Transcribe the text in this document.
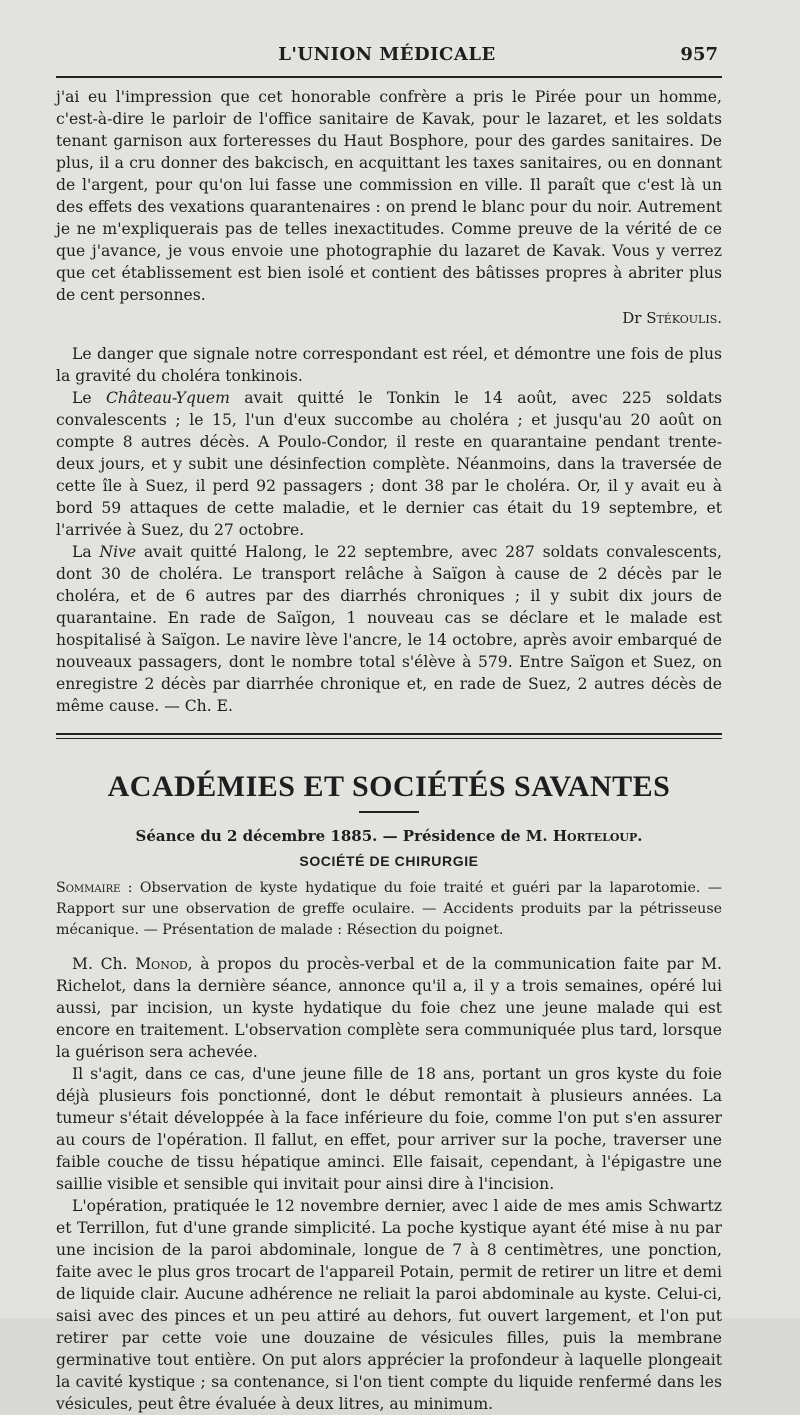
L'UNION MÉDICALE	957

j'ai eu l'impression que cet honorable confrère a pris le Pirée pour un homme, c'est-à-dire le parloir de l'office sanitaire de Kavak, pour le lazaret, et les soldats tenant garnison aux forteresses du Haut Bosphore, pour des gardes sanitaires. De plus, il a cru donner des bakcisch, en acquittant les taxes sanitaires, ou en donnant de l'argent, pour qu'on lui fasse une commission en ville. Il paraît que c'est là un des effets des vexations quarantenaires : on prend le blanc pour du noir. Autrement je ne m'expliquerais pas de telles inexactitudes. Comme preuve de la vérité de ce que j'avance, je vous envoie une photographie du lazaret de Kavak. Vous y verrez que cet établissement est bien isolé et contient des bâtisses propres à abriter plus de cent personnes.

Dr Stékoulis.

Le danger que signale notre correspondant est réel, et démontre une fois de plus la gravité du choléra tonkinois.

Le Château-Yquem avait quitté le Tonkin le 14 août, avec 225 soldats convalescents ; le 15, l'un d'eux succombe au choléra ; et jusqu'au 20 août on compte 8 autres décès. A Poulo-Condor, il reste en quarantaine pendant trente-deux jours, et y subit une désinfection complète. Néanmoins, dans la traversée de cette île à Suez, il perd 92 passagers ; dont 38 par le choléra. Or, il y avait eu à bord 59 attaques de cette maladie, et le dernier cas était du 19 septembre, et l'arrivée à Suez, du 27 octobre.

La Nive avait quitté Halong, le 22 septembre, avec 287 soldats convalescents, dont 30 de choléra. Le transport relâche à Saïgon à cause de 2 décès par le choléra, et de 6 autres par des diarrhés chroniques ; il y subit dix jours de quarantaine. En rade de Saïgon, 1 nouveau cas se déclare et le malade est hospitalisé à Saïgon. Le navire lève l'ancre, le 14 octobre, après avoir embarqué de nouveaux passagers, dont le nombre total s'élève à 579. Entre Saïgon et Suez, on enregistre 2 décès par diarrhée chronique et, en rade de Suez, 2 autres décès de même cause. — Ch. E.

ACADÉMIES ET SOCIÉTÉS SAVANTES
Séance du 2 décembre 1885. — Présidence de M. Horteloup.
SOCIÉTÉ DE CHIRURGIE

Sommaire : Observation de kyste hydatique du foie traité et guéri par la laparotomie. — Rapport sur une observation de greffe oculaire. — Accidents produits par la pétrisseuse mécanique. — Présentation de malade : Résection du poignet.

M. Ch. Monod, à propos du procès-verbal et de la communication faite par M. Richelot, dans la dernière séance, annonce qu'il a, il y a trois semaines, opéré lui aussi, par incision, un kyste hydatique du foie chez une jeune malade qui est encore en traitement. L'observation complète sera communiquée plus tard, lorsque la guérison sera achevée.

Il s'agit, dans ce cas, d'une jeune fille de 18 ans, portant un gros kyste du foie déjà plusieurs fois ponctionné, dont le début remontait à plusieurs années. La tumeur s'était développée à la face inférieure du foie, comme l'on put s'en assurer au cours de l'opération. Il fallut, en effet, pour arriver sur la poche, traverser une faible couche de tissu hépatique aminci. Elle faisait, cependant, à l'épigastre une saillie visible et sensible qui invitait pour ainsi dire à l'incision.

L'opération, pratiquée le 12 novembre dernier, avec l aide de mes amis Schwartz et Terrillon, fut d'une grande simplicité. La poche kystique ayant été mise à nu par une incision de la paroi abdominale, longue de 7 à 8 centimètres, une ponction, faite avec le plus gros trocart de l'appareil Potain, permit de retirer un litre et demi de liquide clair. Aucune adhérence ne reliait la paroi abdominale au kyste. Celui-ci, saisi avec des pinces et un peu attiré au dehors, fut ouvert largement, et l'on put retirer par cette voie une douzaine de vésicules filles, puis la membrane germinative tout entière. On put alors apprécier la profondeur à laquelle plongeait la cavité kystique ; sa contenance, si l'on tient compte du liquide renfermé dans les vésicules, peut être évaluée à deux litres, au minimum.
